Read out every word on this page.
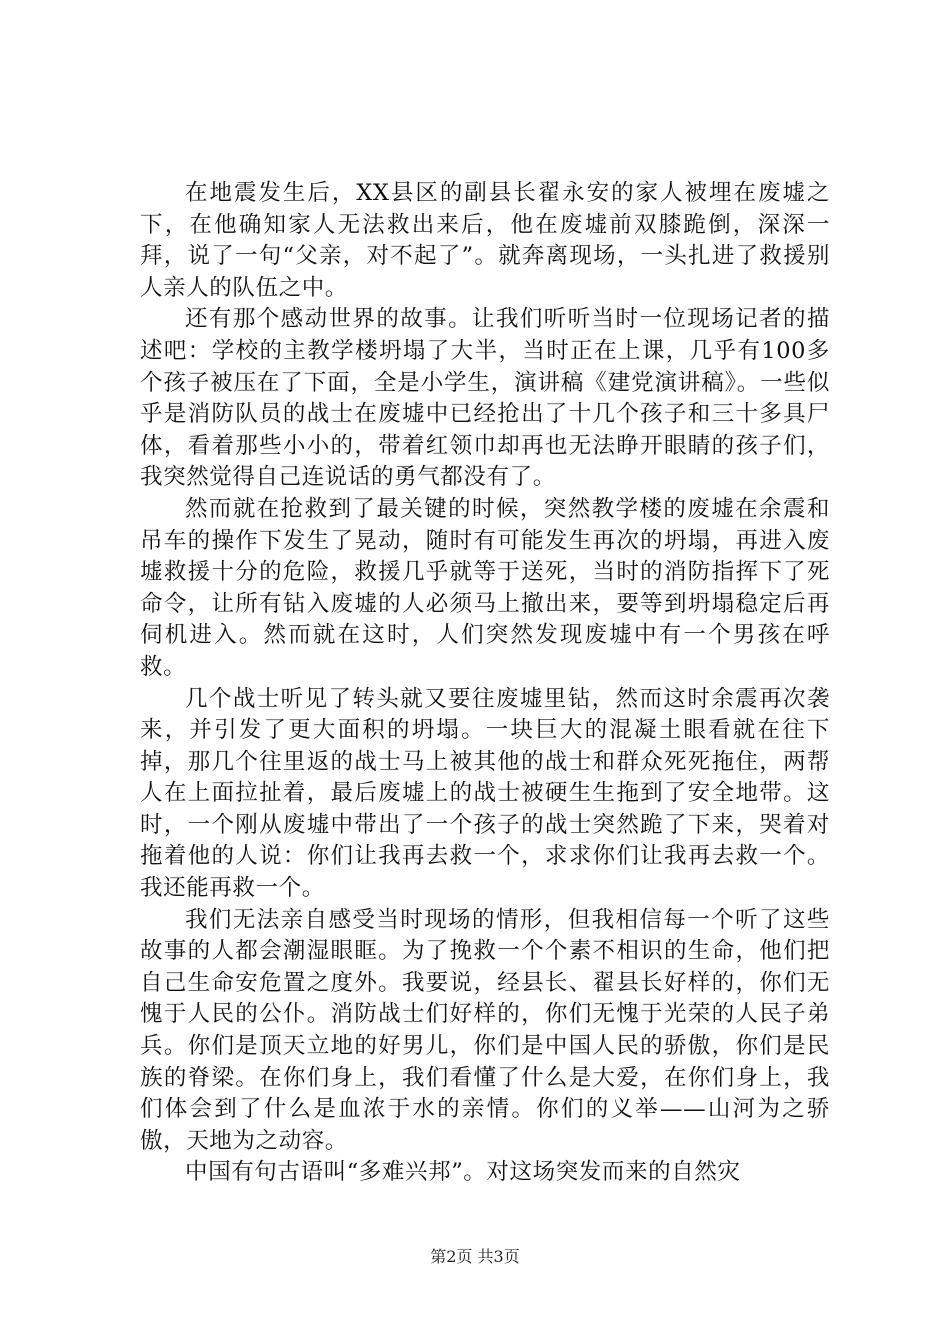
在地震发生后，XX县区的副县长翟永安的家人被埋在废墟之下，在他确知家人无法救出来后，他在废墟前双膝跪倒，深深一拜，说了一句“父亲，对不起了”。就奔离现场，一头扎进了救援别人亲人的队伍之中。

还有那个感动世界的故事。让我们听听当时一位现场记者的描述吧：学校的主教学楼坍塌了大半，当时正在上课，几乎有100多个孩子被压在了下面，全是小学生，演讲稿《建党演讲稿》。一些似乎是消防队员的战士在废墟中已经抢出了十几个孩子和三十多具尸体，看着那些小小的，带着红领巾却再也无法睁开眼睛的孩子们，我突然觉得自己连说话的勇气都没有了。

然而就在抢救到了最关键的时候，突然教学楼的废墟在余震和吊车的操作下发生了晃动，随时有可能发生再次的坍塌，再进入废墟救援十分的危险，救援几乎就等于送死，当时的消防指挥下了死命令，让所有钻入废墟的人必须马上撤出来，要等到坍塌稳定后再伺机进入。然而就在这时，人们突然发现废墟中有一个男孩在呼救。

几个战士听见了转头就又要往废墟里钻，然而这时余震再次袭来，并引发了更大面积的坍塌。一块巨大的混凝土眼看就在往下掉，那几个往里返的战士马上被其他的战士和群众死死拖住，两帮人在上面拉扯着，最后废墟上的战士被硬生生拖到了安全地带。这时，一个刚从废墟中带出了一个孩子的战士突然跪了下来，哭着对拖着他的人说：你们让我再去救一个，求求你们让我再去救一个。我还能再救一个。

我们无法亲自感受当时现场的情形，但我相信每一个听了这些故事的人都会潮湿眼眶。为了挽救一个个素不相识的生命，他们把自己生命安危置之度外。我要说，经县长、翟县长好样的，你们无愧于人民的公仆。消防战士们好样的，你们无愧于光荣的人民子弟兵。你们是顶天立地的好男儿，你们是中国人民的骄傲，你们是民族的脊梁。在你们身上，我们看懂了什么是大爱，在你们身上，我们体会到了什么是血浓于水的亲情。你们的义举——山河为之骄傲，天地为之动容。

中国有句古语叫“多难兴邦”。对这场突发而来的自然灾

第2页 共3页
